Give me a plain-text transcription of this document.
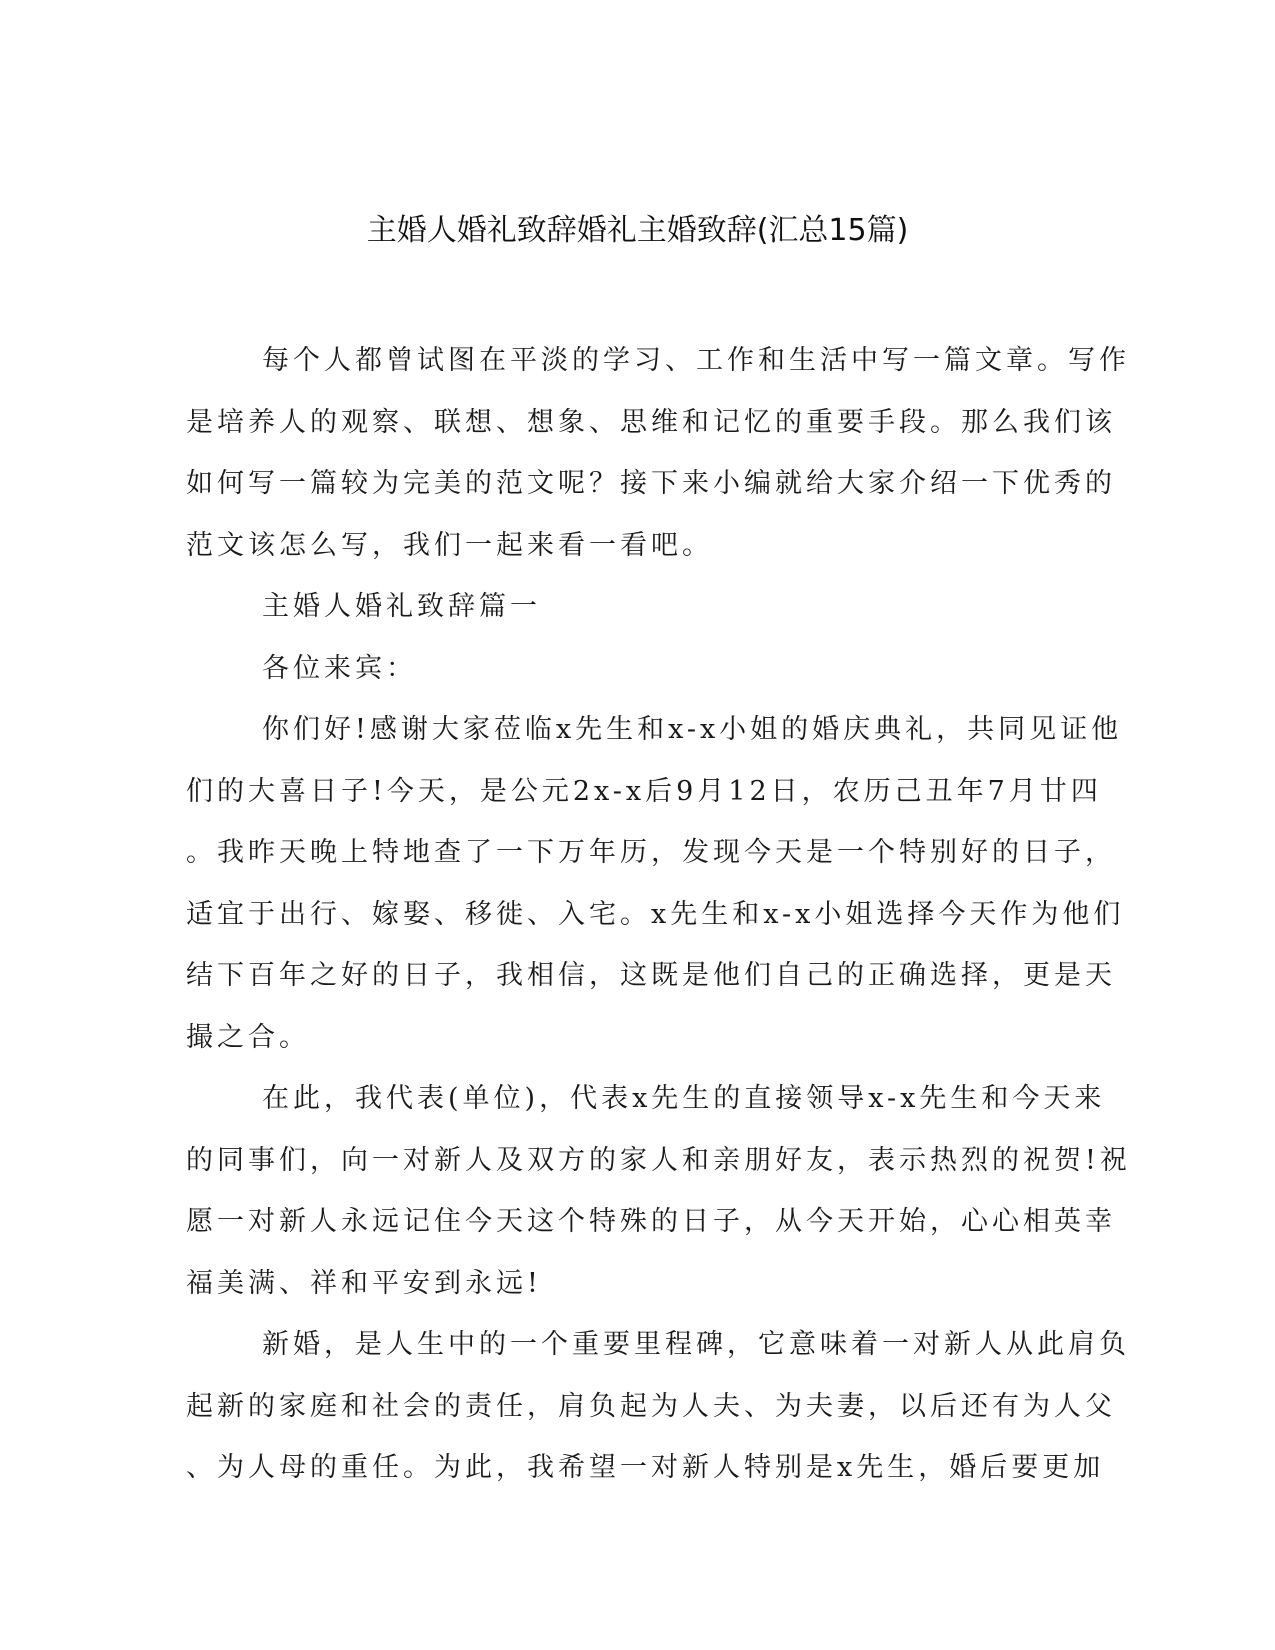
主婚人婚礼致辞婚礼主婚致辞(汇总15篇)

每个人都曾试图在平淡的学习、工作和生活中写一篇文章。写作
是培养人的观察、联想、想象、思维和记忆的重要手段。那么我们该
如何写一篇较为完美的范文呢？接下来小编就给大家介绍一下优秀的
范文该怎么写，我们一起来看一看吧。

主婚人婚礼致辞篇一

各位来宾：

你们好!感谢大家莅临x先生和x-x小姐的婚庆典礼，共同见证他
们的大喜日子!今天，是公元2x-x后9月12日，农历己丑年7月廿四
。我昨天晚上特地查了一下万年历，发现今天是一个特别好的日子，
适宜于出行、嫁娶、移徙、入宅。x先生和x-x小姐选择今天作为他们
结下百年之好的日子，我相信，这既是他们自己的正确选择，更是天
撮之合。

在此，我代表(单位)，代表x先生的直接领导x-x先生和今天来
的同事们，向一对新人及双方的家人和亲朋好友，表示热烈的祝贺!祝
愿一对新人永远记住今天这个特殊的日子，从今天开始，心心相英幸
福美满、祥和平安到永远!

新婚，是人生中的一个重要里程碑，它意味着一对新人从此肩负
起新的家庭和社会的责任，肩负起为人夫、为夫妻，以后还有为人父
、为人母的重任。为此，我希望一对新人特别是x先生，婚后要更加
